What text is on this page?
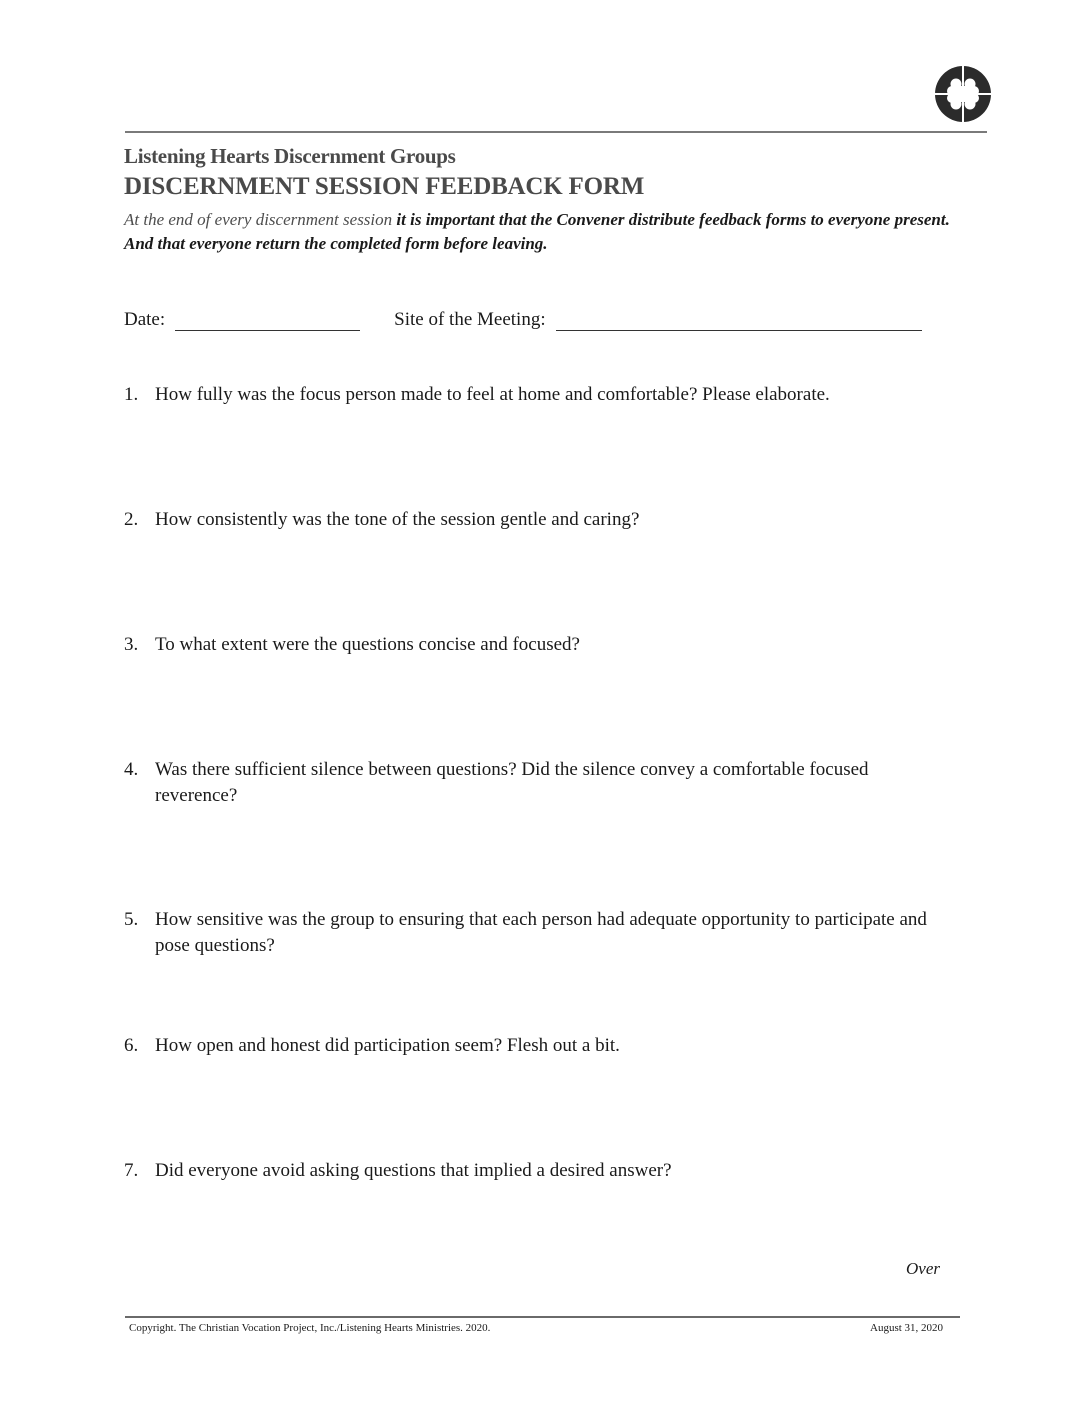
Listening Hearts Discernment Groups
DISCERNMENT SESSION FEEDBACK FORM
At the end of every discernment session it is important that the Convener distribute feedback forms to everyone present. And that everyone return the completed form before leaving.
Date:	Site of the Meeting:
1. How fully was the focus person made to feel at home and comfortable? Please elaborate.
2. How consistently was the tone of the session gentle and caring?
3. To what extent were the questions concise and focused?
4. Was there sufficient silence between questions? Did the silence convey a comfortable focused reverence?
5. How sensitive was the group to ensuring that each person had adequate opportunity to participate and pose questions?
6. How open and honest did participation seem? Flesh out a bit.
7. Did everyone avoid asking questions that implied a desired answer?
Over
Copyright. The Christian Vocation Project, Inc./Listening Hearts Ministries. 2020.	August 31, 2020
